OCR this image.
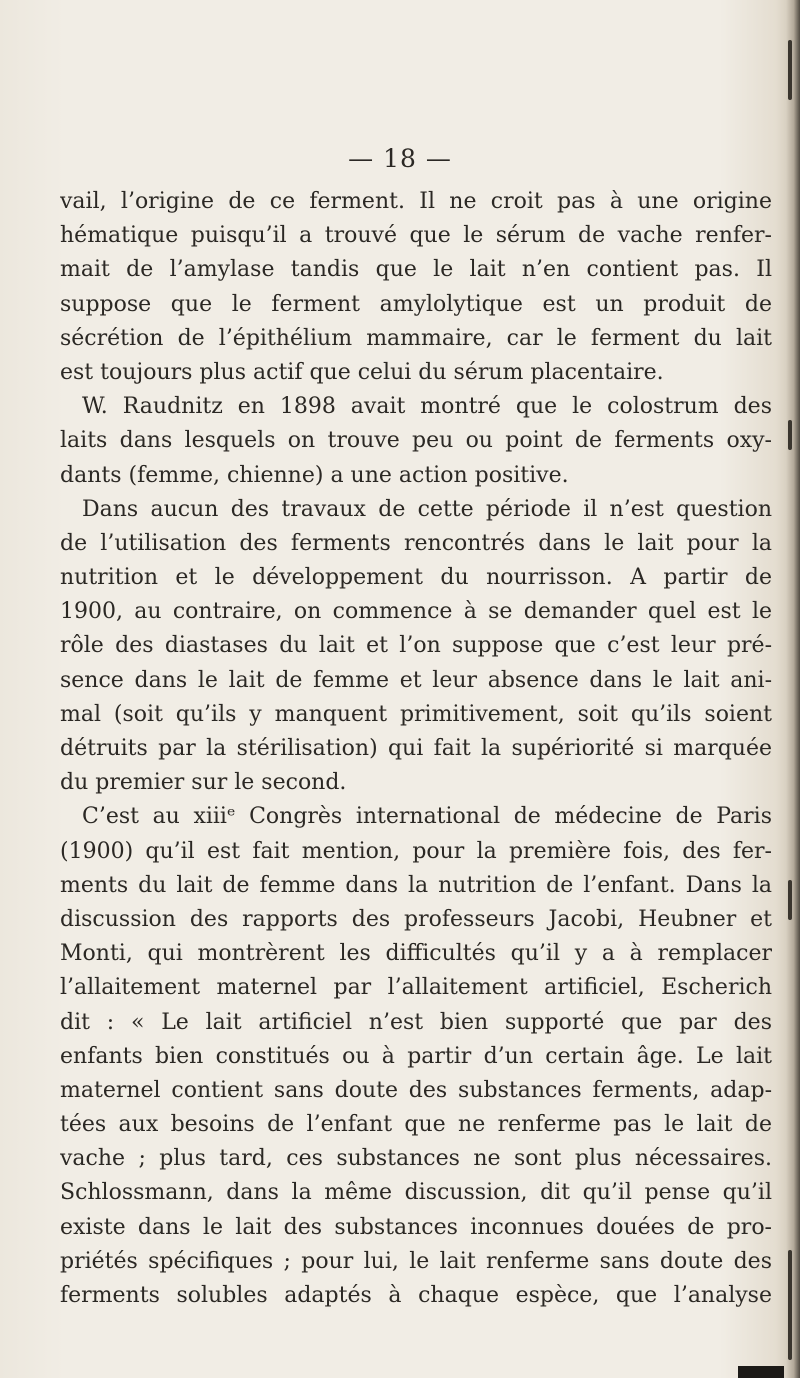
— 18 —
vail, l’origine de ce ferment. Il ne croit pas à une origine
hématique puisqu’il a trouvé que le sérum de vache renfer-
mait de l’amylase tandis que le lait n’en contient pas. Il
suppose que le ferment amylolytique est un produit de
sécrétion de l’épithélium mammaire, car le ferment du lait
est toujours plus actif que celui du sérum placentaire.
W. Raudnitz en 1898 avait montré que le colostrum des
laits dans lesquels on trouve peu ou point de ferments oxy-
dants (femme, chienne) a une action positive.
Dans aucun des travaux de cette période il n’est question
de l’utilisation des ferments rencontrés dans le lait pour la
nutrition et le développement du nourrisson. A partir de
1900, au contraire, on commence à se demander quel est le
rôle des diastases du lait et l’on suppose que c’est leur pré-
sence dans le lait de femme et leur absence dans le lait ani-
mal (soit qu’ils y manquent primitivement, soit qu’ils soient
détruits par la stérilisation) qui fait la supériorité si marquée
du premier sur le second.
C’est au xiiiᵉ Congrès international de médecine de Paris
(1900) qu’il est fait mention, pour la première fois, des fer-
ments du lait de femme dans la nutrition de l’enfant. Dans la
discussion des rapports des professeurs Jacobi, Heubner et
Monti, qui montrèrent les difficultés qu’il y a à remplacer
l’allaitement maternel par l’allaitement artificiel, Escherich
dit : « Le lait artificiel n’est bien supporté que par des
enfants bien constitués ou à partir d’un certain âge. Le lait
maternel contient sans doute des substances ferments, adap-
tées aux besoins de l’enfant que ne renferme pas le lait de
vache ; plus tard, ces substances ne sont plus nécessaires.
Schlossmann, dans la même discussion, dit qu’il pense qu’il
existe dans le lait des substances inconnues douées de pro-
priétés spécifiques ; pour lui, le lait renferme sans doute des
ferments solubles adaptés à chaque espèce, que l’analyse
